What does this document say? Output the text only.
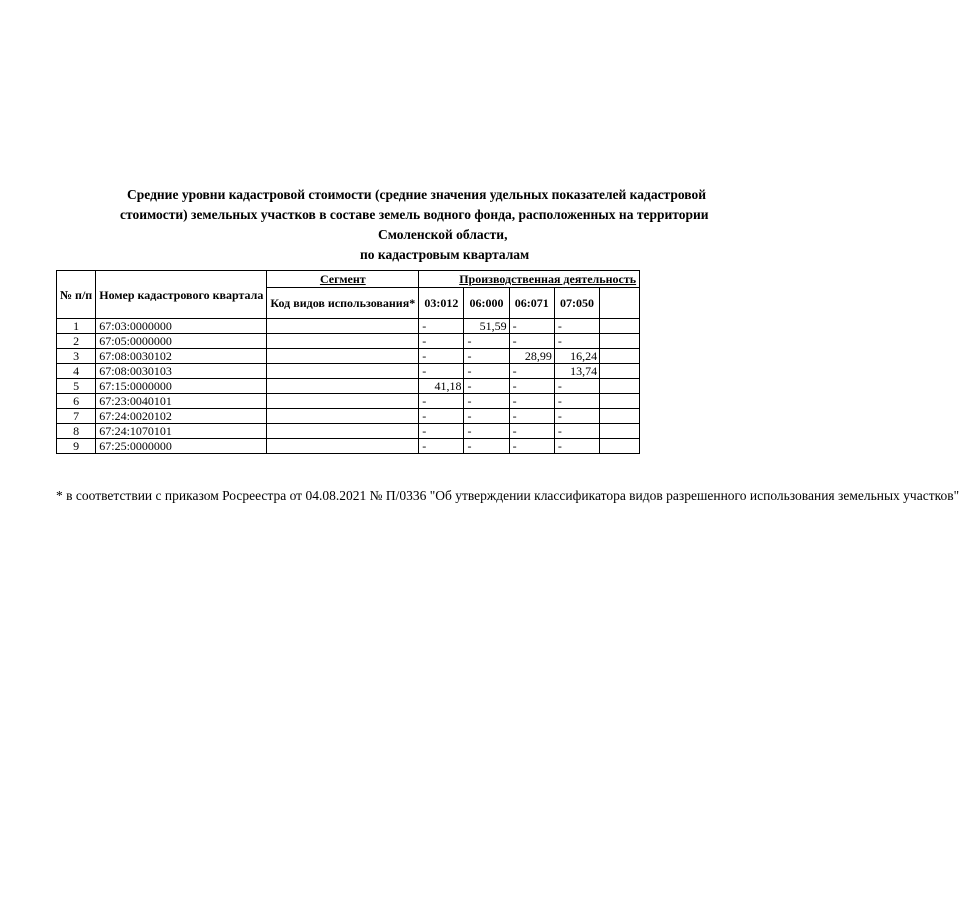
Средние уровни кадастровой стоимости (средние значения удельных показателей кадастровой
стоимости) земельных участков в составе земель водного фонда, расположенных на территории
Смоленской области,
по кадастровым кварталам
№ п/п	Номер кадастрового квартала	Сегмент	Производственная деятельность				
		Код видов использования*	03:012	06:000	06:071	07:050	
1	67:03:0000000		-	51,59	-	-	
2	67:05:0000000		-	-	-	-	
3	67:08:0030102		-	-	28,99	16,24	
4	67:08:0030103		-	-	-	13,74	
5	67:15:0000000		41,18	-	-	-	
6	67:23:0040101		-	-	-	-	
7	67:24:0020102		-	-	-	-	
8	67:24:1070101		-	-	-	-	
9	67:25:0000000		-	-	-	-	
* в соответствии с приказом Росреестра от 04.08.2021 № П/0336 "Об утверждении классификатора видов разрешенного использования земельных участков"
